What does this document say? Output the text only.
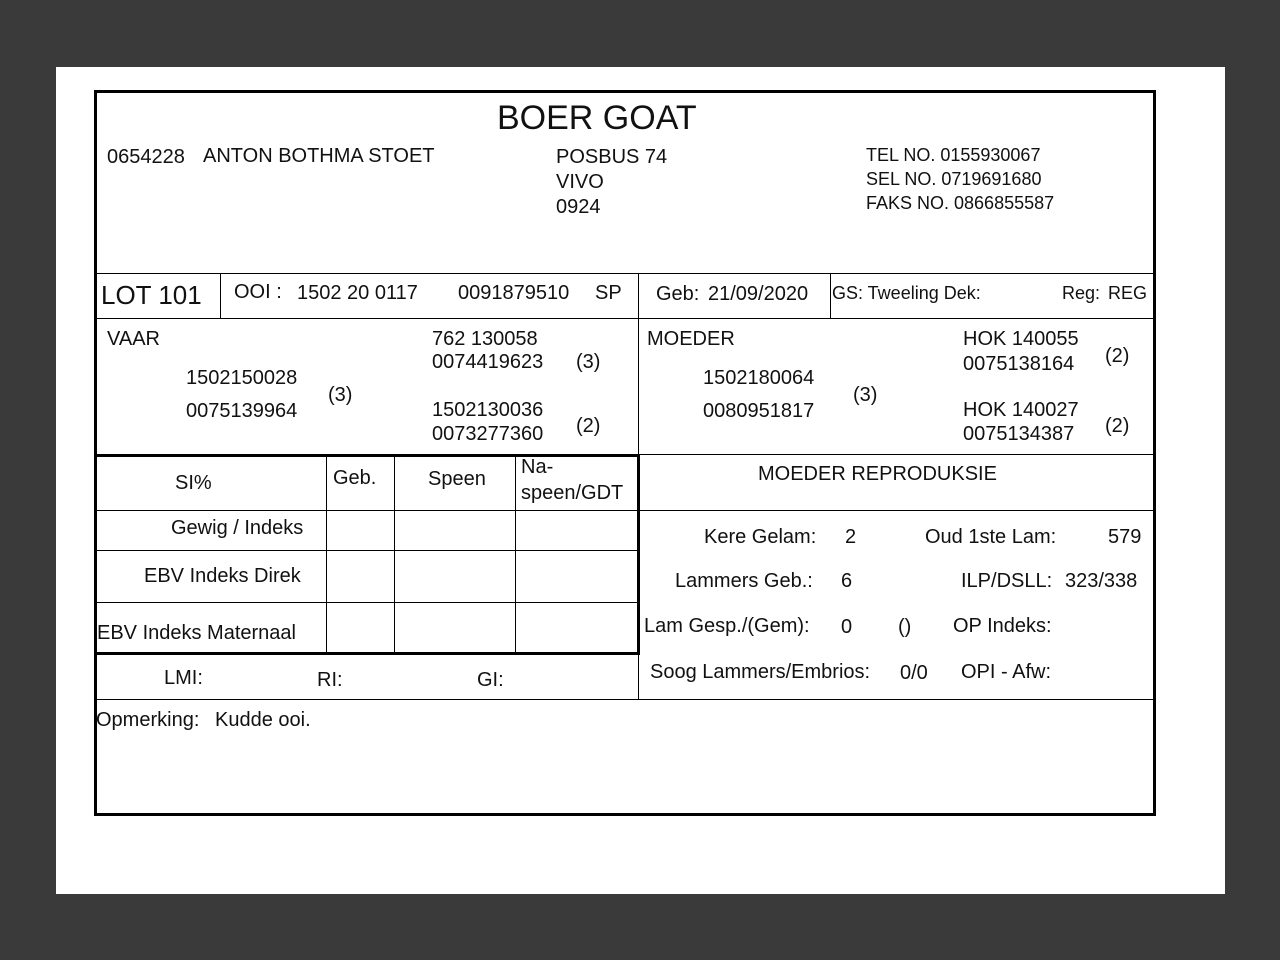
BOER GOAT
0654228 ANTON BOTHMA STOET	POSBUS 74
VIVO
0924
TEL NO. 0155930067
SEL NO. 0719691680
FAKS NO. 0866855587
LOT 101 OOI : 1502 20 0117 0091879510 SP Geb: 21/09/2020 GS: Tweeling Dek:	Reg: REG
VAAR
1502150028
0075139964
(3)
762 130058
0074419623 (3)
1502130036
0073277360 (2)
MOEDER
1502180064
0080951817
(3)
HOK 140055
0075138164 (2)
HOK 140027
0075134387 (2)
SI%	Geb.	Speen
Na-
speen/GDT
Gewig / Indeks
EBV Indeks Direk
EBV Indeks Maternaal
LMI:	RI:	GI:
MOEDER REPRODUKSIE
Kere Gelam: 2	Oud 1ste Lam:	579
Lammers Geb.: 6	ILP/DSLL: 323/338
Lam Gesp./(Gem): 0 () OP Indeks:
Soog Lammers/Embrios: 0/0 OPI - Afw:
Opmerking: Kudde ooi.
